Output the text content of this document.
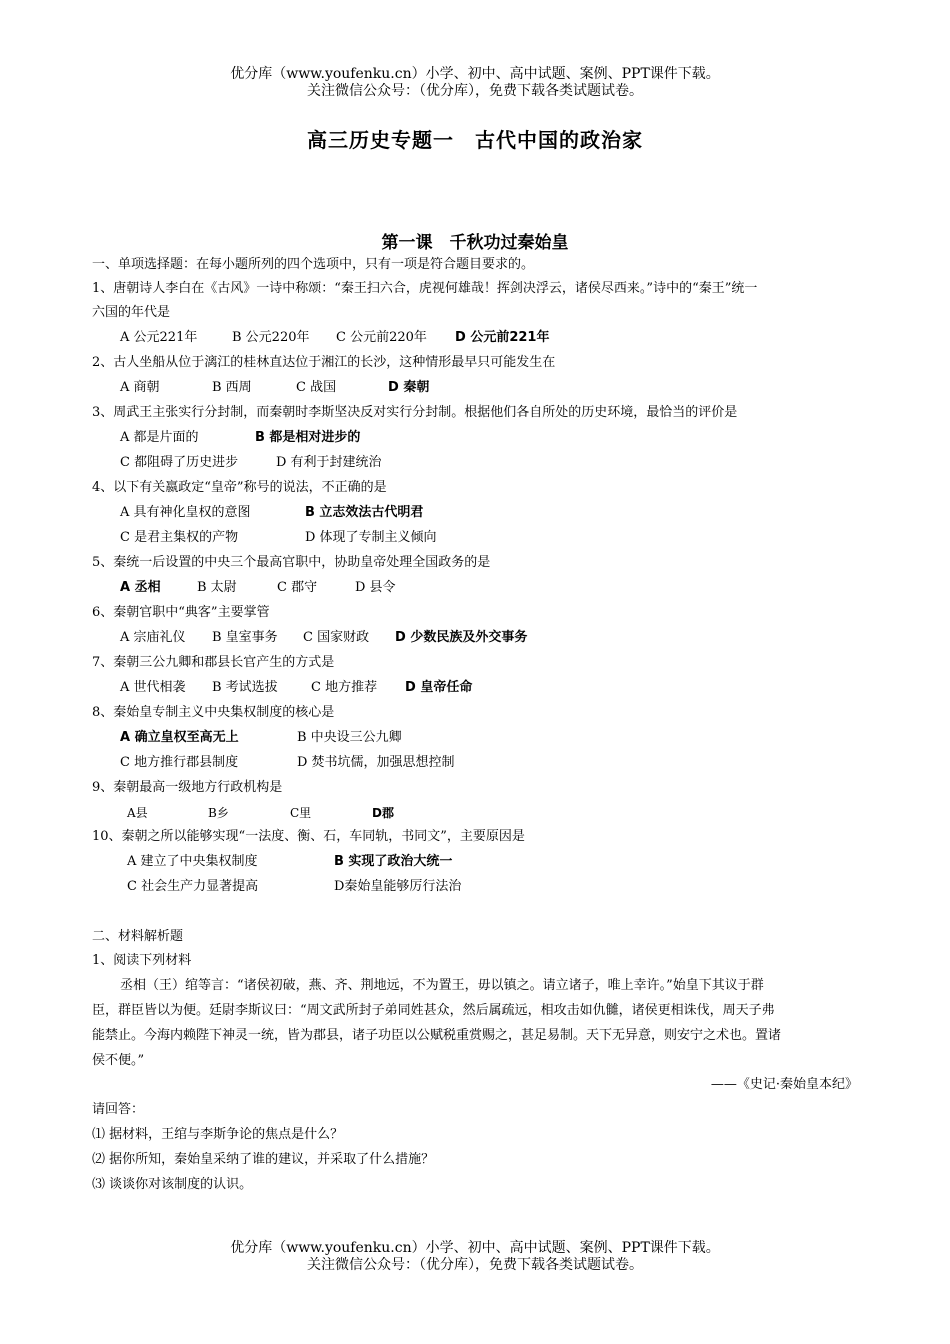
优分库（www.youfenku.cn）小学、初中、高中试题、案例、PPT课件下载。
关注微信公众号：（优分库），免费下载各类试题试卷。
高三历史专题一　古代中国的政治家
第一课　千秋功过秦始皇
一、单项选择题：在每小题所列的四个选项中，只有一项是符合题目要求的。
1、唐朝诗人李白在《古风》一诗中称颂：“秦王扫六合，虎视何雄哉！挥剑决浮云，诸侯尽西来。”诗中的“秦王”统一
六国的年代是
A 公元221年	B 公元220年 C 公元前220年 D 公元前221年
2、古人坐船从位于漓江的桂林直达位于湘江的长沙，这种情形最早只可能发生在
A 商朝	B 西周	C 战国	D 秦朝
3、周武王主张实行分封制，而秦朝时李斯坚决反对实行分封制。根据他们各自所处的历史环境，最恰当的评价是
A 都是片面的	B 都是相对进步的
C 都阻碍了历史进步	D 有利于封建统治
4、以下有关嬴政定“皇帝”称号的说法，不正确的是
A 具有神化皇权的意图	B 立志效法古代明君
C 是君主集权的产物	D 体现了专制主义倾向
5、秦统一后设置的中央三个最高官职中，协助皇帝处理全国政务的是
A 丞相	B 太尉	C 郡守	D 县令
6、秦朝官职中“典客”主要掌管
A 宗庙礼仪 B 皇室事务 C 国家财政 D 少数民族及外交事务
7、秦朝三公九卿和郡县长官产生的方式是
A 世代相袭 B 考试选拔	C 地方推荐 D 皇帝任命
8、秦始皇专制主义中央集权制度的核心是
A 确立皇权至高无上	B 中央设三公九卿
C 地方推行郡县制度	D 焚书坑儒，加强思想控制
9、秦朝最高一级地方行政机构是
A县	B乡	C里	D郡
10、秦朝之所以能够实现“一法度、衡、石，车同轨，书同文”，主要原因是
A 建立了中央集权制度	B 实现了政治大统一
C 社会生产力显著提高	D秦始皇能够厉行法治
二、材料解析题
1、阅读下列材料
丞相（王）绾等言：“诸侯初破，燕、齐、荆地远，不为置王，毋以镇之。请立诸子，唯上幸许。”始皇下其议于群
臣，群臣皆以为便。廷尉李斯议曰：“周文武所封子弟同姓甚众，然后属疏远，相攻击如仇雠，诸侯更相诛伐，周天子弗
能禁止。今海内赖陛下神灵一统，皆为郡县，诸子功臣以公赋税重赏赐之，甚足易制。天下无异意，则安宁之术也。置诸
侯不便。”
——《史记·秦始皇本纪》
请回答：
⑴ 据材料，王绾与李斯争论的焦点是什么？
⑵ 据你所知，秦始皇采纳了谁的建议，并采取了什么措施？
⑶ 谈谈你对该制度的认识。
优分库（www.youfenku.cn）小学、初中、高中试题、案例、PPT课件下载。
关注微信公众号：（优分库），免费下载各类试题试卷。
